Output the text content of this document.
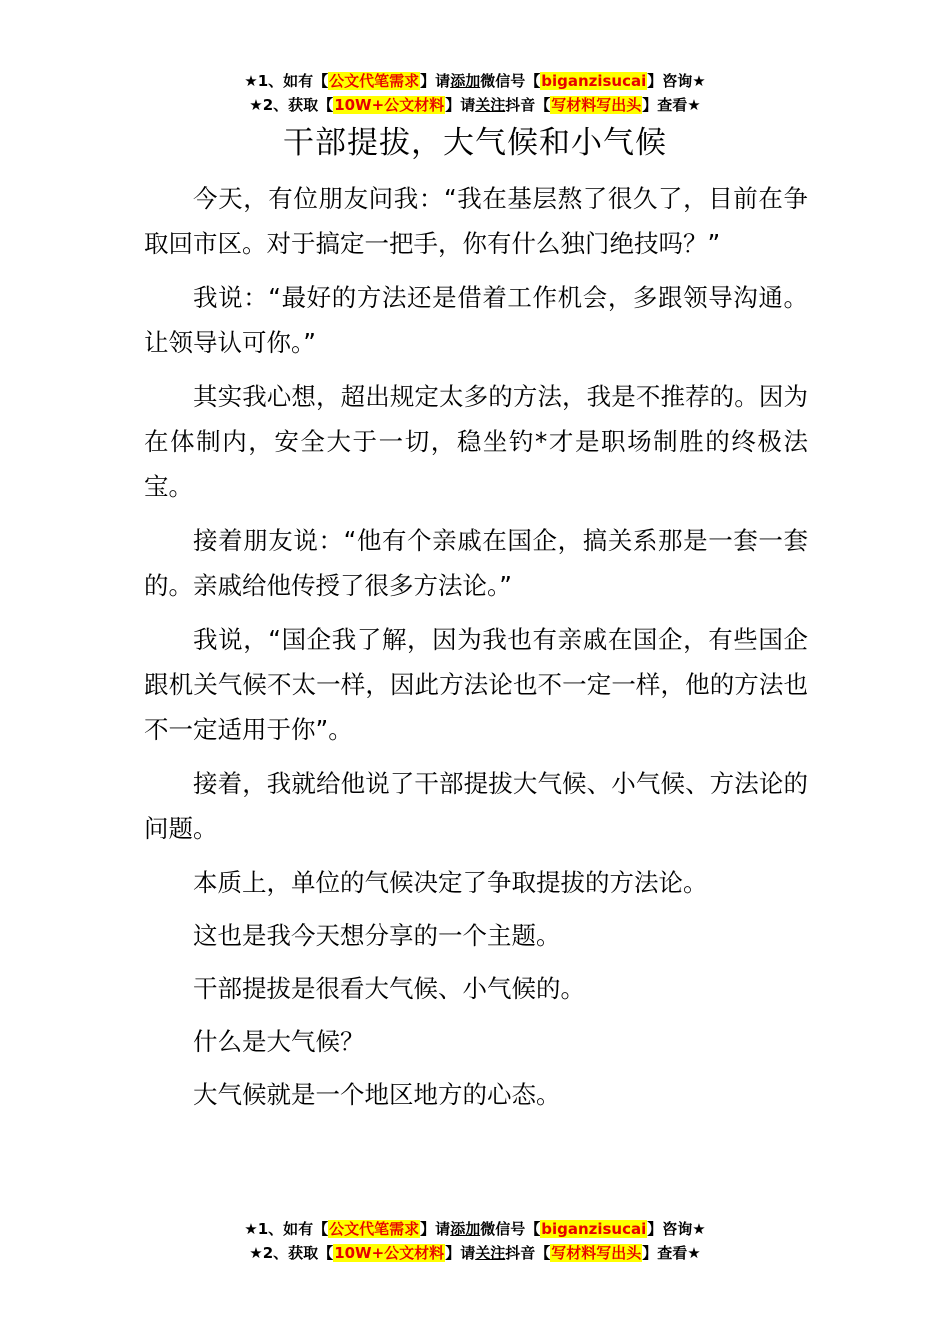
★1、如有【公文代笔需求】请添加微信号【biganzisucai】咨询★
★2、获取【10W+公文材料】请关注抖音【写材料写出头】查看★
干部提拔，大气候和小气候

今天，有位朋友问我：“我在基层熬了很久了，目前在争取回市区。对于搞定一把手，你有什么独门绝技吗？”

我说：“最好的方法还是借着工作机会，多跟领导沟通。让领导认可你。”

其实我心想，超出规定太多的方法，我是不推荐的。因为在体制内，安全大于一切，稳坐钓*才是职场制胜的终极法宝。

接着朋友说：“他有个亲戚在国企，搞关系那是一套一套的。亲戚给他传授了很多方法论。”

我说，“国企我了解，因为我也有亲戚在国企，有些国企跟机关气候不太一样，因此方法论也不一定一样，他的方法也不一定适用于你”。

接着，我就给他说了干部提拔大气候、小气候、方法论的问题。

本质上，单位的气候决定了争取提拔的方法论。

这也是我今天想分享的一个主题。

干部提拔是很看大气候、小气候的。

什么是大气候？

大气候就是一个地区地方的心态。

★1、如有【公文代笔需求】请添加微信号【biganzisucai】咨询★
★2、获取【10W+公文材料】请关注抖音【写材料写出头】查看★
